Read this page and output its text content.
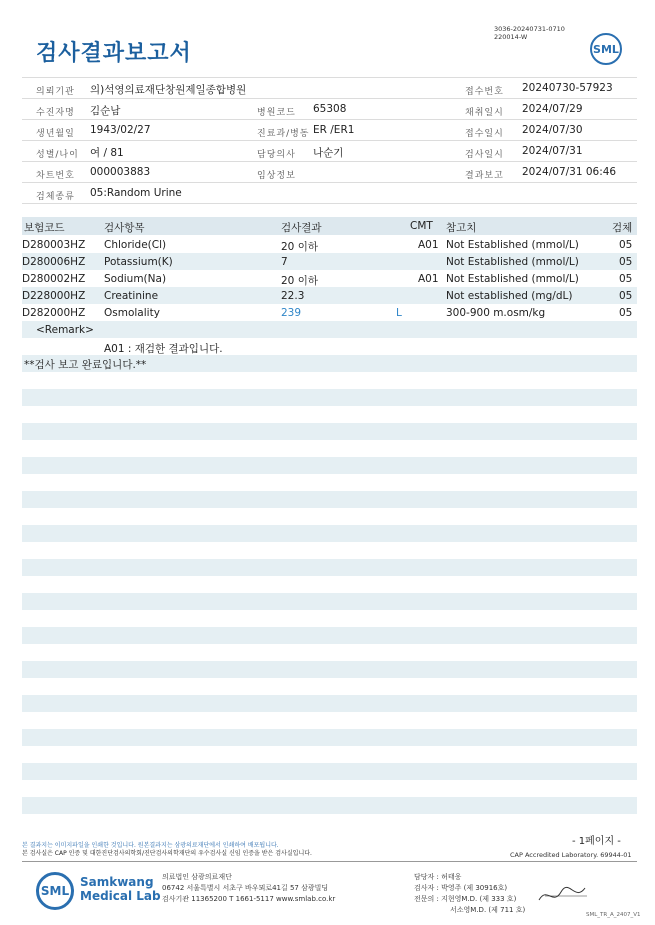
3036-20240731-0710
220014-W
검사결과보고서	SML
의뢰기관 의)석영의료재단창원제일종합병원	접수번호 20240730-57923
수진자명 김순남	병원코드 65308	채취일시 2024/07/29
생년월일 1943/02/27	진료과/병동 ER /ER1	접수일시 2024/07/30
성별/나이 여 / 81	담당의사 나순기	검사일시 2024/07/31
차트번호 000003883	임상정보	결과보고 2024/07/31 06:46
검체종류 05:Random Urine
보험코드	검사항목	검사결과	CMT 참고치	검체
D280003HZ Chloride(Cl)	20 이하	A01 Not Established (mmol/L)	05
D280006HZ Potassium(K)	7	Not Established (mmol/L)	05
D280002HZ Sodium(Na)	20 이하	A01 Not Established (mmol/L)	05
D228000HZ Creatinine	22.3	Not established (mg/dL)	05
D282000HZ Osmolality	239	L	300-900 m.osm/kg	05
<Remark>
A01 : 재검한 결과입니다.
**검사 보고 완료입니다.**
- 1페이지 -
본 결과지는 이미지파일을 인쇄한 것입니다. 원본결과지는 삼광의료재단에서 인쇄하여 배포됩니다.
본 검사실은 CAP 인증 및 대한진단검사의학회/진단검사의학재단의 우수검사실 신임 인증을 받은 검사실입니다.	CAP Accredited Laboratory. 69944-01
SML
Samkwang
Medical Lab
의료법인 삼광의료재단
06742 서울특별시 서초구 바우뫼로41길 57 삼광빌딩
검사기관 11365200 T 1661-5117 www.smlab.co.kr
담당자 : 허태웅
검사자 : 박영주 (제 30916호)
전문의 : 지현영M.D. (제 333 호)
서소영M.D. (제 711 호)
SML_TR_A_2407_V1
